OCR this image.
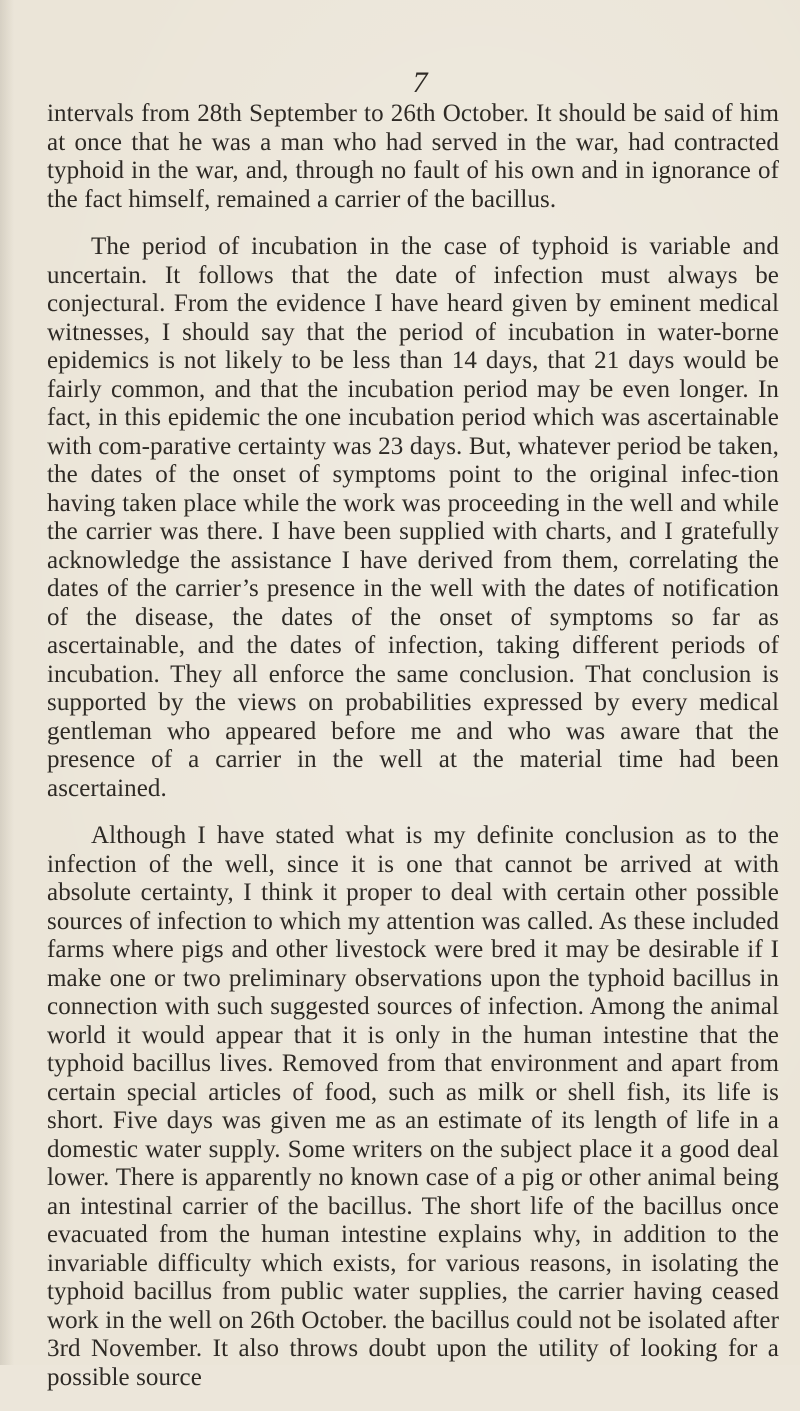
7

intervals from 28th September to 26th October. It should be said of him at once that he was a man who had served in the war, had contracted typhoid in the war, and, through no fault of his own and in ignorance of the fact himself, remained a carrier of the bacillus.

The period of incubation in the case of typhoid is variable and uncertain. It follows that the date of infection must always be conjectural. From the evidence I have heard given by eminent medical witnesses, I should say that the period of incubation in water-borne epidemics is not likely to be less than 14 days, that 21 days would be fairly common, and that the incubation period may be even longer. In fact, in this epidemic the one incubation period which was ascertainable with com-parative certainty was 23 days. But, whatever period be taken, the dates of the onset of symptoms point to the original infec-tion having taken place while the work was proceeding in the well and while the carrier was there. I have been supplied with charts, and I gratefully acknowledge the assistance I have derived from them, correlating the dates of the carrier’s presence in the well with the dates of notification of the disease, the dates of the onset of symptoms so far as ascertainable, and the dates of infection, taking different periods of incubation. They all enforce the same conclusion. That conclusion is supported by the views on probabilities expressed by every medical gentleman who appeared before me and who was aware that the presence of a carrier in the well at the material time had been ascertained.

Although I have stated what is my definite conclusion as to the infection of the well, since it is one that cannot be arrived at with absolute certainty, I think it proper to deal with certain other possible sources of infection to which my attention was called. As these included farms where pigs and other livestock were bred it may be desirable if I make one or two preliminary observations upon the typhoid bacillus in connection with such suggested sources of infection. Among the animal world it would appear that it is only in the human intestine that the typhoid bacillus lives. Removed from that environment and apart from certain special articles of food, such as milk or shell fish, its life is short. Five days was given me as an estimate of its length of life in a domestic water supply. Some writers on the subject place it a good deal lower. There is apparently no known case of a pig or other animal being an intestinal carrier of the bacillus. The short life of the bacillus once evacuated from the human intestine explains why, in addition to the invariable difficulty which exists, for various reasons, in isolating the typhoid bacillus from public water supplies, the carrier having ceased work in the well on 26th October. the bacillus could not be isolated after 3rd November. It also throws doubt upon the utility of looking for a possible source
